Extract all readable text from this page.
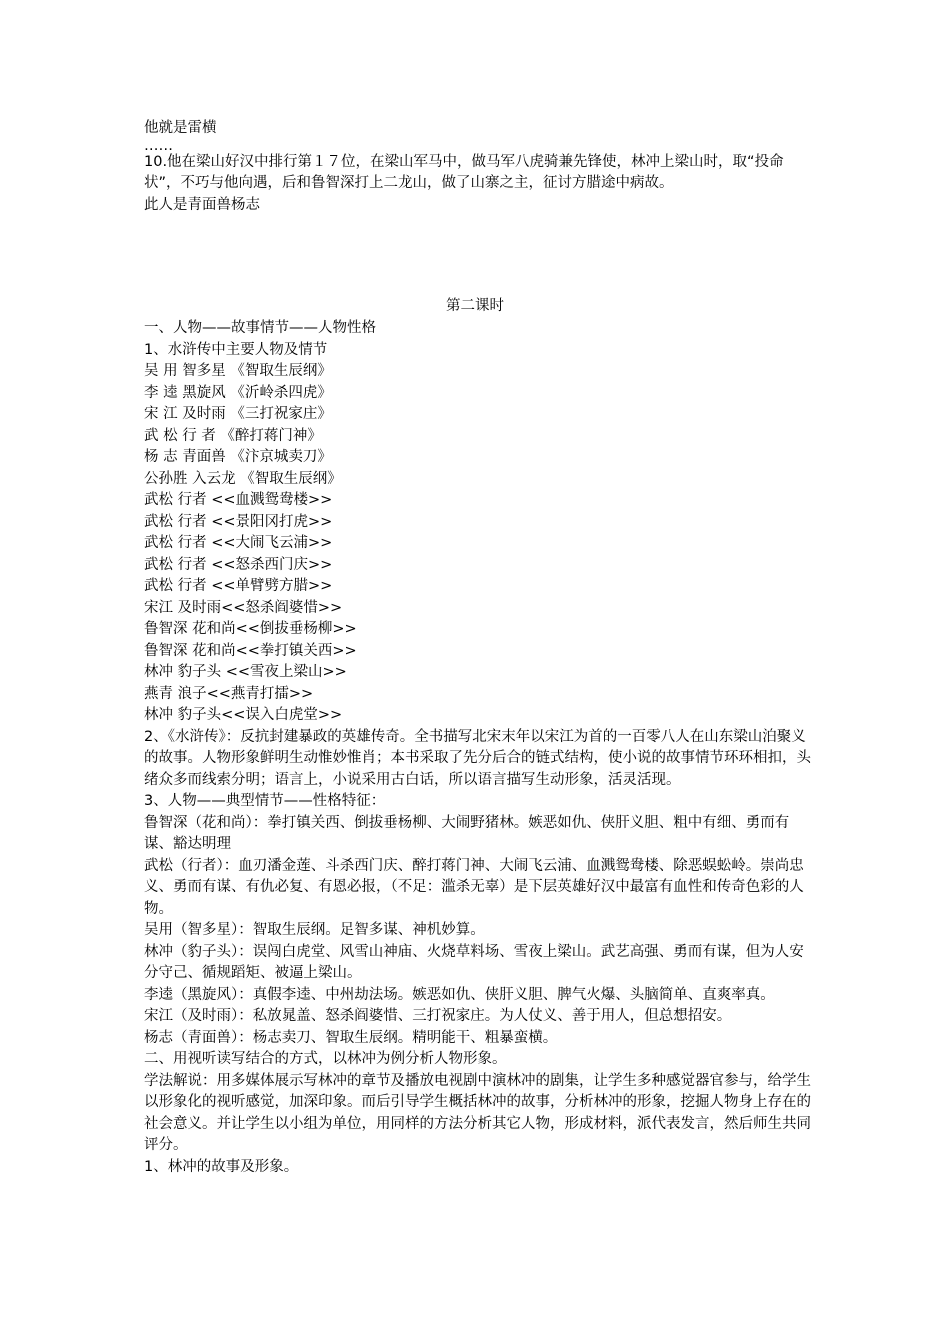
他就是雷横
……
10.他在梁山好汉中排行第１７位，在梁山军马中，做马军八虎骑兼先锋使，林冲上梁山时，取“投命状”，不巧与他向遇，后和鲁智深打上二龙山，做了山寨之主，征讨方腊途中病故。
此人是青面兽杨志
第二课时
一、人物——故事情节——人物性格
1、水浒传中主要人物及情节
吴 用 智多星 《智取生辰纲》
李 逵 黑旋风 《沂岭杀四虎》
宋 江 及时雨 《三打祝家庄》
武 松 行 者 《醉打蒋门神》
杨 志 青面兽 《汴京城卖刀》
公孙胜 入云龙 《智取生辰纲》
武松 行者 <<血溅鸳鸯楼>>
武松 行者 <<景阳冈打虎>>
武松 行者 <<大闹飞云浦>>
武松 行者 <<怒杀西门庆>>
武松 行者 <<单臂劈方腊>>
宋江 及时雨<<怒杀阎婆惜>>
鲁智深 花和尚<<倒拔垂杨柳>>
鲁智深 花和尚<<拳打镇关西>>
林冲 豹子头 <<雪夜上梁山>>
燕青 浪子<<燕青打擂>>
林冲 豹子头<<误入白虎堂>>
2、《水浒传》：反抗封建暴政的英雄传奇。全书描写北宋末年以宋江为首的一百零八人在山东梁山泊聚义的故事。人物形象鲜明生动惟妙惟肖；本书采取了先分后合的链式结构，使小说的故事情节环环相扣，头绪众多而线索分明；语言上，小说采用古白话，所以语言描写生动形象，活灵活现。
3、人物——典型情节——性格特征：
鲁智深（花和尚）：拳打镇关西、倒拔垂杨柳、大闹野猪林。嫉恶如仇、侠肝义胆、粗中有细、勇而有谋、豁达明理
武松（行者）：血刃潘金莲、斗杀西门庆、醉打蒋门神、大闹飞云浦、血溅鸳鸯楼、除恶蜈蚣岭。崇尚忠义、勇而有谋、有仇必复、有恩必报，（不足：滥杀无辜）是下层英雄好汉中最富有血性和传奇色彩的人物。
吴用（智多星）：智取生辰纲。足智多谋、神机妙算。
林冲（豹子头）：误闯白虎堂、风雪山神庙、火烧草料场、雪夜上梁山。武艺高强、勇而有谋，但为人安分守己、循规蹈矩、被逼上梁山。
李逵（黑旋风）：真假李逵、中州劫法场。嫉恶如仇、侠肝义胆、脾气火爆、头脑简单、直爽率真。
宋江（及时雨）：私放晁盖、怒杀阎婆惜、三打祝家庄。为人仗义、善于用人，但总想招安。
杨志（青面兽）：杨志卖刀、智取生辰纲。精明能干、粗暴蛮横。
二、用视听读写结合的方式，以林冲为例分析人物形象。
学法解说：用多媒体展示写林冲的章节及播放电视剧中演林冲的剧集，让学生多种感觉器官参与，给学生以形象化的视听感觉，加深印象。而后引导学生概括林冲的故事，分析林冲的形象，挖掘人物身上存在的社会意义。并让学生以小组为单位，用同样的方法分析其它人物，形成材料，派代表发言，然后师生共同评分。
1、林冲的故事及形象。
